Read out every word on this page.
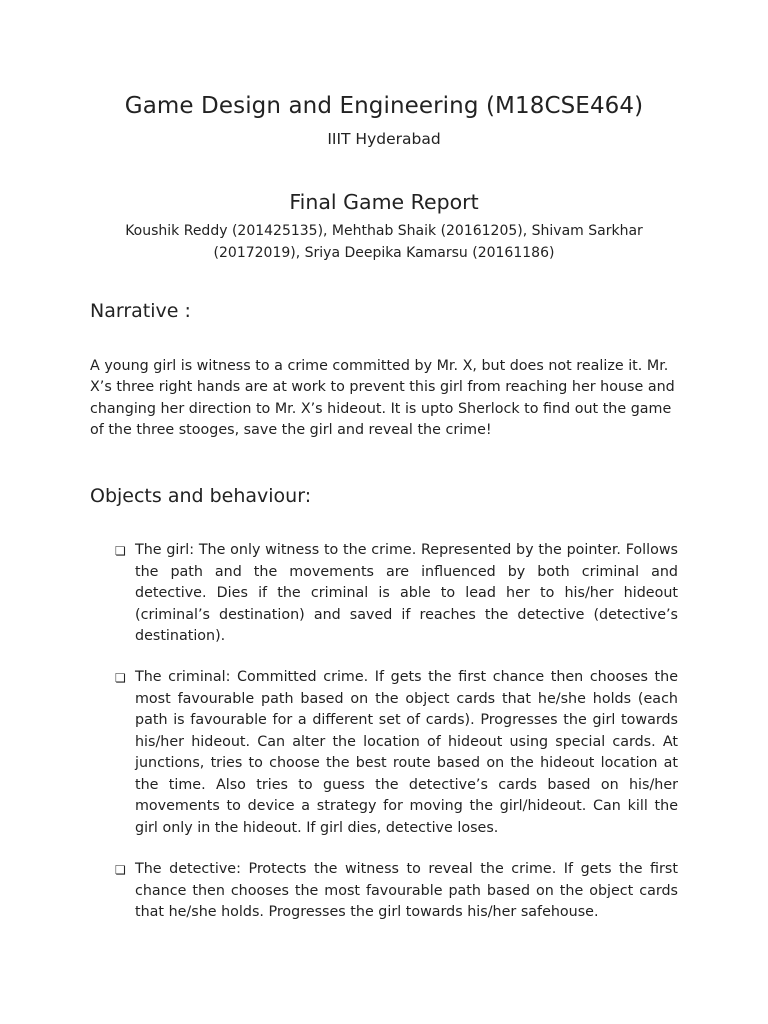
Game Design and Engineering (M18CSE464)
IIIT Hyderabad
Final Game Report

Koushik Reddy (201425135), Mehthab Shaik (20161205), Shivam Sarkhar (20172019), Sriya Deepika Kamarsu (20161186)

Narrative :

A young girl is witness to a crime committed by Mr. X, but does not realize it. Mr. X’s three right hands are at work to prevent this girl from reaching her house and changing her direction to Mr. X’s hideout. It is upto Sherlock to find out the game of the three stooges, save the girl and reveal the crime!

Objects and behaviour:
❏ The girl: The only witness to the crime. Represented by the pointer. Follows the path and the movements are influenced by both criminal and detective. Dies if the criminal is able to lead her to his/her hideout (criminal’s destination) and saved if reaches the detective (detective’s destination).

❏ The criminal: Committed crime. If gets the first chance then chooses the most favourable path based on the object cards that he/she holds (each path is favourable for a different set of cards). Progresses the girl towards his/her hideout. Can alter the location of hideout using special cards. At junctions, tries to choose the best route based on the hideout location at the time. Also tries to guess the detective’s cards based on his/her movements to device a strategy for moving the girl/hideout. Can kill the girl only in the hideout. If girl dies, detective loses.

❏ The detective: Protects the witness to reveal the crime. If gets the first chance then chooses the most favourable path based on the object cards that he/she holds. Progresses the girl towards his/her safehouse.
